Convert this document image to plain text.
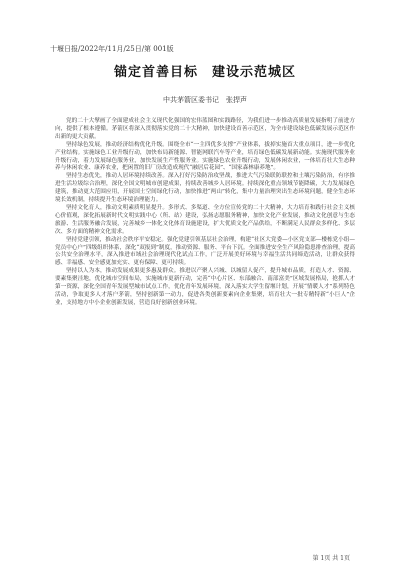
十堰日报/2022年/11月/25日/第 001版
锚定首善目标　建设示范城区
中共茅箭区委书记　张捍声

党的二十大擘画了全面建成社会主义现代化强国的宏伟蓝图和实践路径，为我们进一步推动高质量发展指明了前进方向，提供了根本遵循。茅箭区将深入贯彻落实党的二十大精神，加快建设首善示范区，为全市建设绿色低碳发展示范区作出新的更大贡献。

坚持绿色发展，推动经济结构优化升级。围绕全市“一主四优多支撑”产业体系，拔掉实施首大重点项目，进一步优化产业结构。实施绿色工业升级行动，加快布局新能源、智能网联汽车等产业，培育绿色低碳发展新动能。实施现代服务业升级行动，着力发展绿色服务业，加快发展生产性服务业。实施绿色农业升级行动，发展休闲农业，一体培育壮大生态种养与休闲农业、康养农业，把闲置的旧厂房改造成现代“融居后花园”、“国家森林康养地”。

坚持生态优先，推动人居环境持续改善。深入打好污染防治攻坚战，推进大气污染联防联控和土壤污染防治，有序推进生活垃圾综合治理，深化全国文明城市创建成果，持续改善城乡人居环境。持续深化重点领域节能降碳，大力发展绿色建筑，推动更大范围应用，开展国土空间绿化行动，加快推进“两山”转化，集中力量治理突出生态环境问题，健全生态环境长效机制，持续提升生态环境治理能力。

坚持文化育人，推动文明素质明显提升。多形式、多渠道、全方位宣传党的二十大精神，大力培育和践行社会主义核心价值观，深化拓展新时代文明实践中心（所、站）建设，弘扬志愿服务精神，加快文化产业发展，推动文化创意与生态旅游、生活服务融合发展，完善城乡一体化文化体育设施建设，扩大优质文化产品供给，不断满足人民群众多样化、多层次、多方面的精神文化需求。

坚持党建引领，推动社会秩序平安稳定。强化党建引领基层社会治理，构建“社区大党委—小区党支部—楼栋党小组—党员中心户”四级组织体系，深化“双报到”制度，推动资源、服务、平台下沉。全面推进安全生产风险隐患排查治理，提高公共安全治理水平，深入推进市域社会治理现代化试点工作，广泛开展美好环境与幸福生活共同缔造活动，让群众获得感、幸福感、安全感更加充实、更有保障、更可持续。

坚持以人为本，推动发展成果更多惠及群众。推进以产聚人兴城、以城留人促产，提升城市品质，打造人才、资源、要素集聚洼地，优化城市空间布局，实施城市更新行动，完善“中心片区、东部融合、南部富美”区域发展格局，抢抓人才第一资源，深化全国青年发展型城市试点工作，优化青年发展环境，深入落实大学生留堰计划，开展“情暖人才”系列特色活动，争取更多人才落户茅箭，坚持创新第一动力，促进各类创新要素向企业集聚，培育壮大一批专精特新“小巨人”企业，支持地方中小企业创新发展，营造良好创新创业环境。

第 1页 共 1页
